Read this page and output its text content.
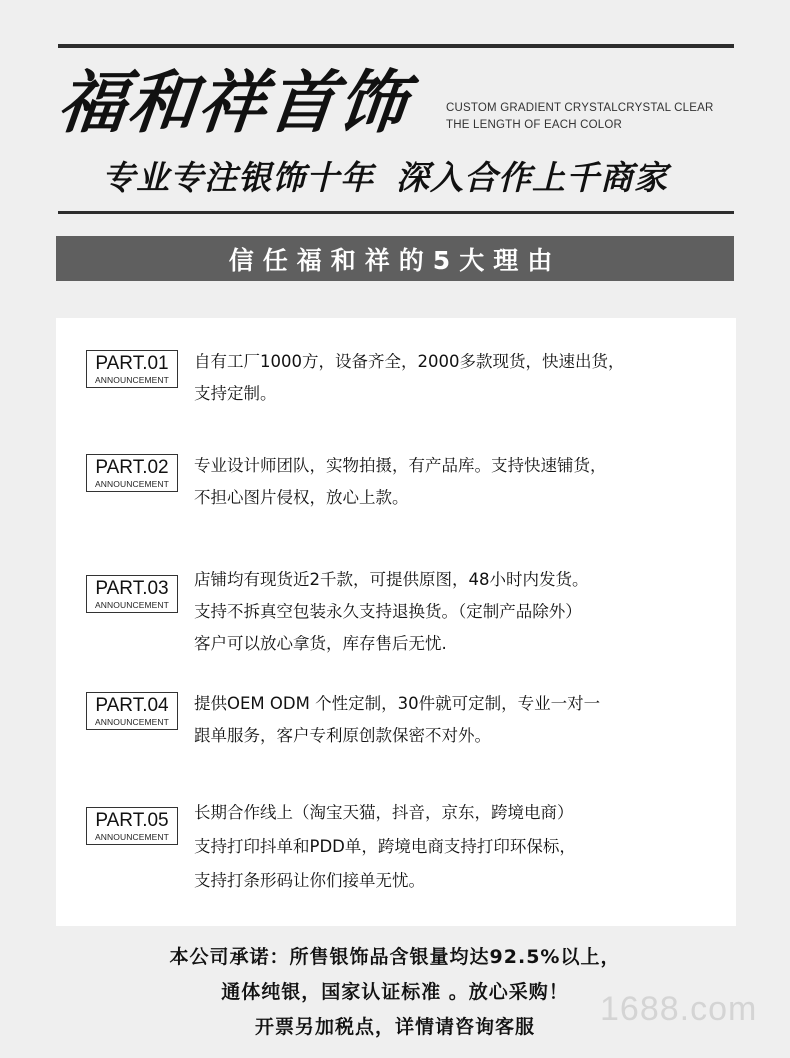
福和祥首饰	CUSTOM GRADIENT CRYSTALCRYSTAL CLEAR
THE LENGTH OF EACH COLOR
专业专注银饰十年 深入合作上千商家
信任福和祥的5大理由
PART.01
ANNOUNCEMENT
自有工厂1000方，设备齐全，2000多款现货，快速出货，
支持定制。
PART.02
ANNOUNCEMENT
专业设计师团队，实物拍摄，有产品库。支持快速铺货，
不担心图片侵权，放心上款。
PART.03
ANNOUNCEMENT
店铺均有现货近2千款，可提供原图，48小时内发货。
支持不拆真空包装永久支持退换货。（定制产品除外）
客户可以放心拿货，库存售后无忧.
PART.04
ANNOUNCEMENT
提供OEM ODM 个性定制，30件就可定制，专业一对一
跟单服务，客户专利原创款保密不对外。
PART.05
ANNOUNCEMENT
长期合作线上（淘宝天猫，抖音，京东，跨境电商）
支持打印抖单和PDD单，跨境电商支持打印环保标，
支持打条形码让你们接单无忧。
本公司承诺：所售银饰品含银量均达92.5%以上，
通体纯银，国家认证标准 。放心采购！
开票另加税点，详情请咨询客服	1688.com
